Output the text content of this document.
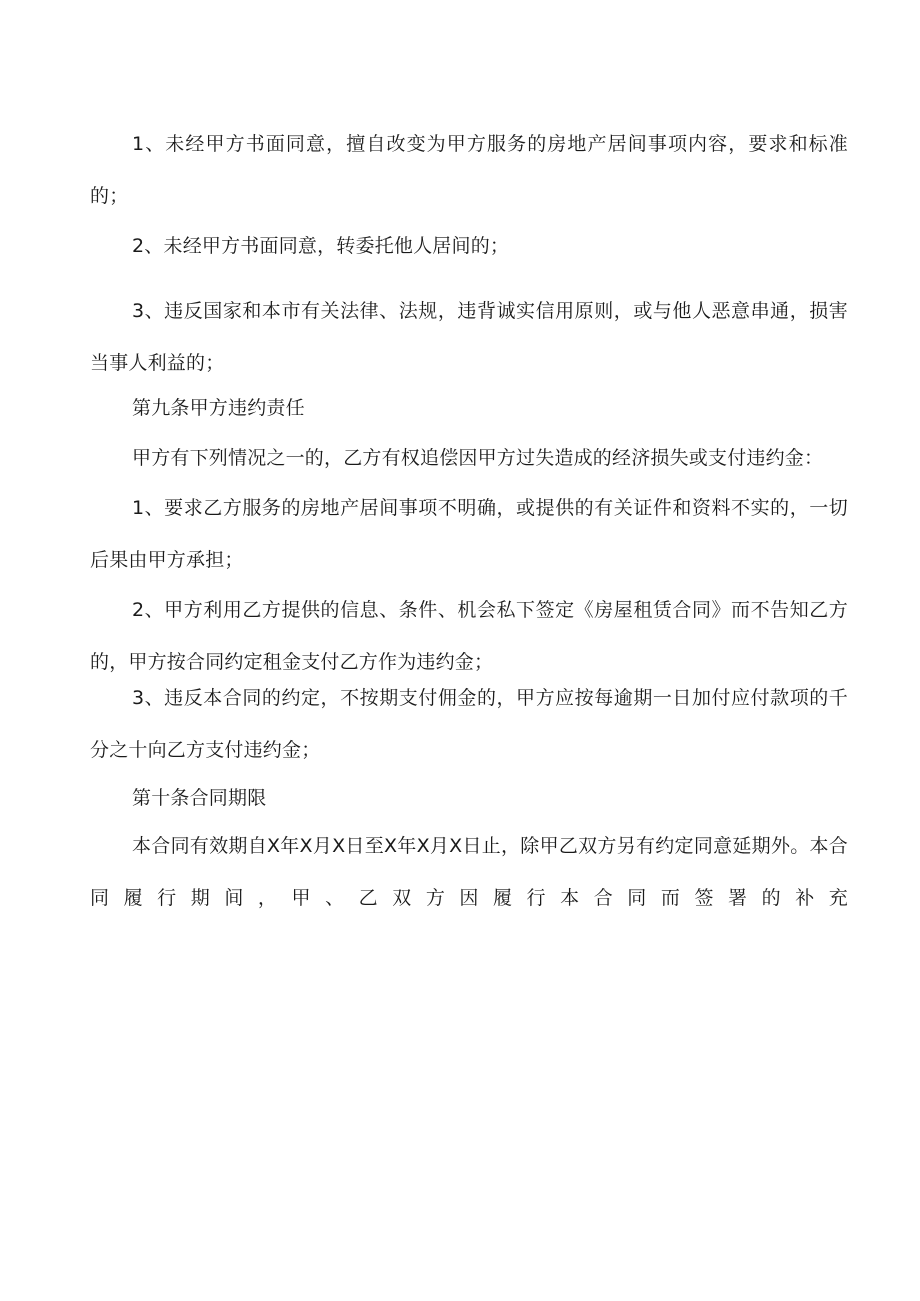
1、未经甲方书面同意，擅自改变为甲方服务的房地产居间事项内容，要求和标准的；

2、未经甲方书面同意，转委托他人居间的；

3、违反国家和本市有关法律、法规，违背诚实信用原则，或与他人恶意串通，损害当事人利益的；

第九条甲方违约责任

甲方有下列情况之一的，乙方有权追偿因甲方过失造成的经济损失或支付违约金：

1、要求乙方服务的房地产居间事项不明确，或提供的有关证件和资料不实的，一切后果由甲方承担；

2、甲方利用乙方提供的信息、条件、机会私下签定《房屋租赁合同》而不告知乙方的，甲方按合同约定租金支付乙方作为违约金；

3、违反本合同的约定，不按期支付佣金的，甲方应按每逾期一日加付应付款项的千分之十向乙方支付违约金；

第十条合同期限

本合同有效期自X年X月X日至X年X月X日止，除甲乙双方另有约定同意延期外。本合同履行期间，甲、乙双方因履行本合同而签署的补充
